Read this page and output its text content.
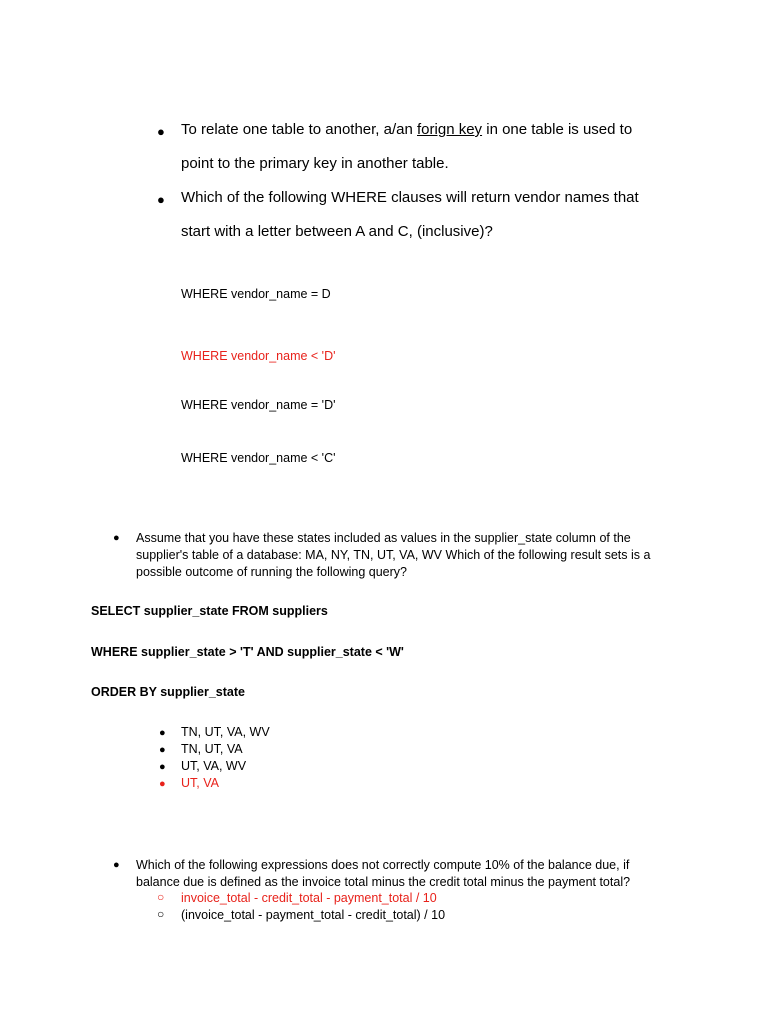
● To relate one table to another, a/an forign key in one table is used to
point to the primary key in another table.
● Which of the following WHERE clauses will return vendor names that
start with a letter between A and C, (inclusive)?
WHERE vendor_name = D
WHERE vendor_name < 'D'
WHERE vendor_name = 'D'
WHERE vendor_name < 'C'
● Assume that you have these states included as values in the supplier_state column of the
supplier's table of a database: MA, NY, TN, UT, VA, WV Which of the following result sets is a
possible outcome of running the following query?
SELECT supplier_state FROM suppliers
WHERE supplier_state > 'T' AND supplier_state < 'W'
ORDER BY supplier_state
● TN, UT, VA, WV
● TN, UT, VA
● UT, VA, WV
● UT, VA
● Which of the following expressions does not correctly compute 10% of the balance due, if
balance due is defined as the invoice total minus the credit total minus the payment total?
○ invoice_total - credit_total - payment_total / 10
○ (invoice_total - payment_total - credit_total) / 10
